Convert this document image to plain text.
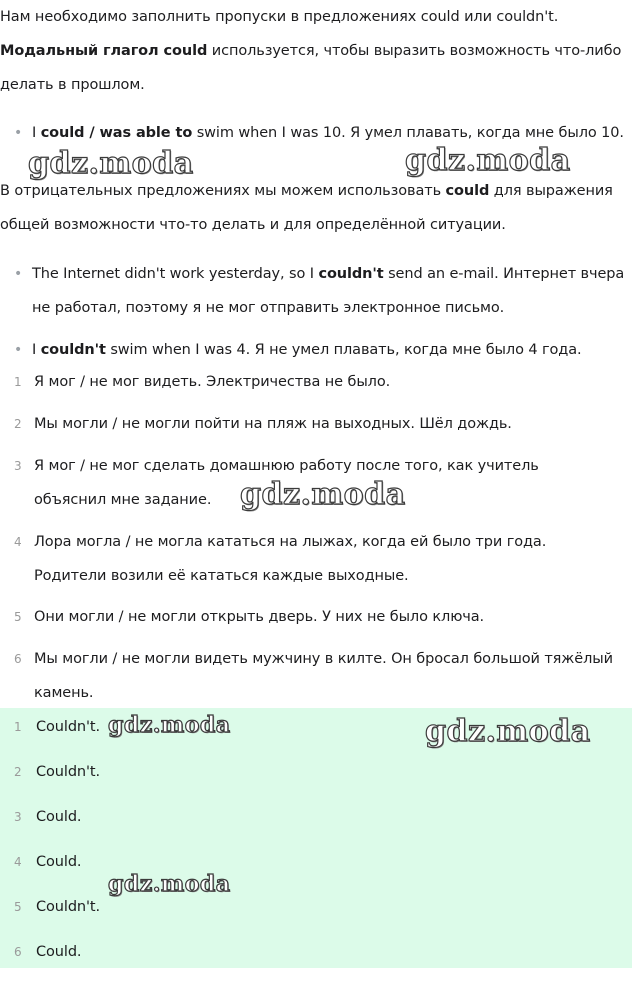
Нам необходимо заполнить пропуски в предложениях could или couldn't.
Модальный глагол could используется, чтобы выразить возможность что-либо делать в прошлом.

• I could / was able to swim when I was 10. Я умел плавать, когда мне было 10.

В отрицательных предложениях мы можем использовать could для выражения общей возможности что-то делать и для определённой ситуации.

• The Internet didn't work yesterday, so I couldn't send an e-mail. Интернет вчера не работал, поэтому я не мог отправить электронное письмо.
• I couldn't swim when I was 4. Я не умел плавать, когда мне было 4 года.
1 Я мог / не мог видеть. Электричества не было.
2 Мы могли / не могли пойти на пляж на выходных. Шёл дождь.
3 Я мог / не мог сделать домашнюю работу после того, как учитель объяснил мне задание.
4 Лора могла / не могла кататься на лыжах, когда ей было три года. Родители возили её кататься каждые выходные.
5 Они могли / не могли открыть дверь. У них не было ключа.
6 Мы могли / не могли видеть мужчину в килте. Он бросал большой тяжёлый камень.
1 Couldn't.
2 Couldn't.
3 Could.
4 Could.
5 Couldn't.
6 Could.
gdz.moda	gdz.moda
gdz.moda
gdz.moda	gdz.moda
gdz.moda
